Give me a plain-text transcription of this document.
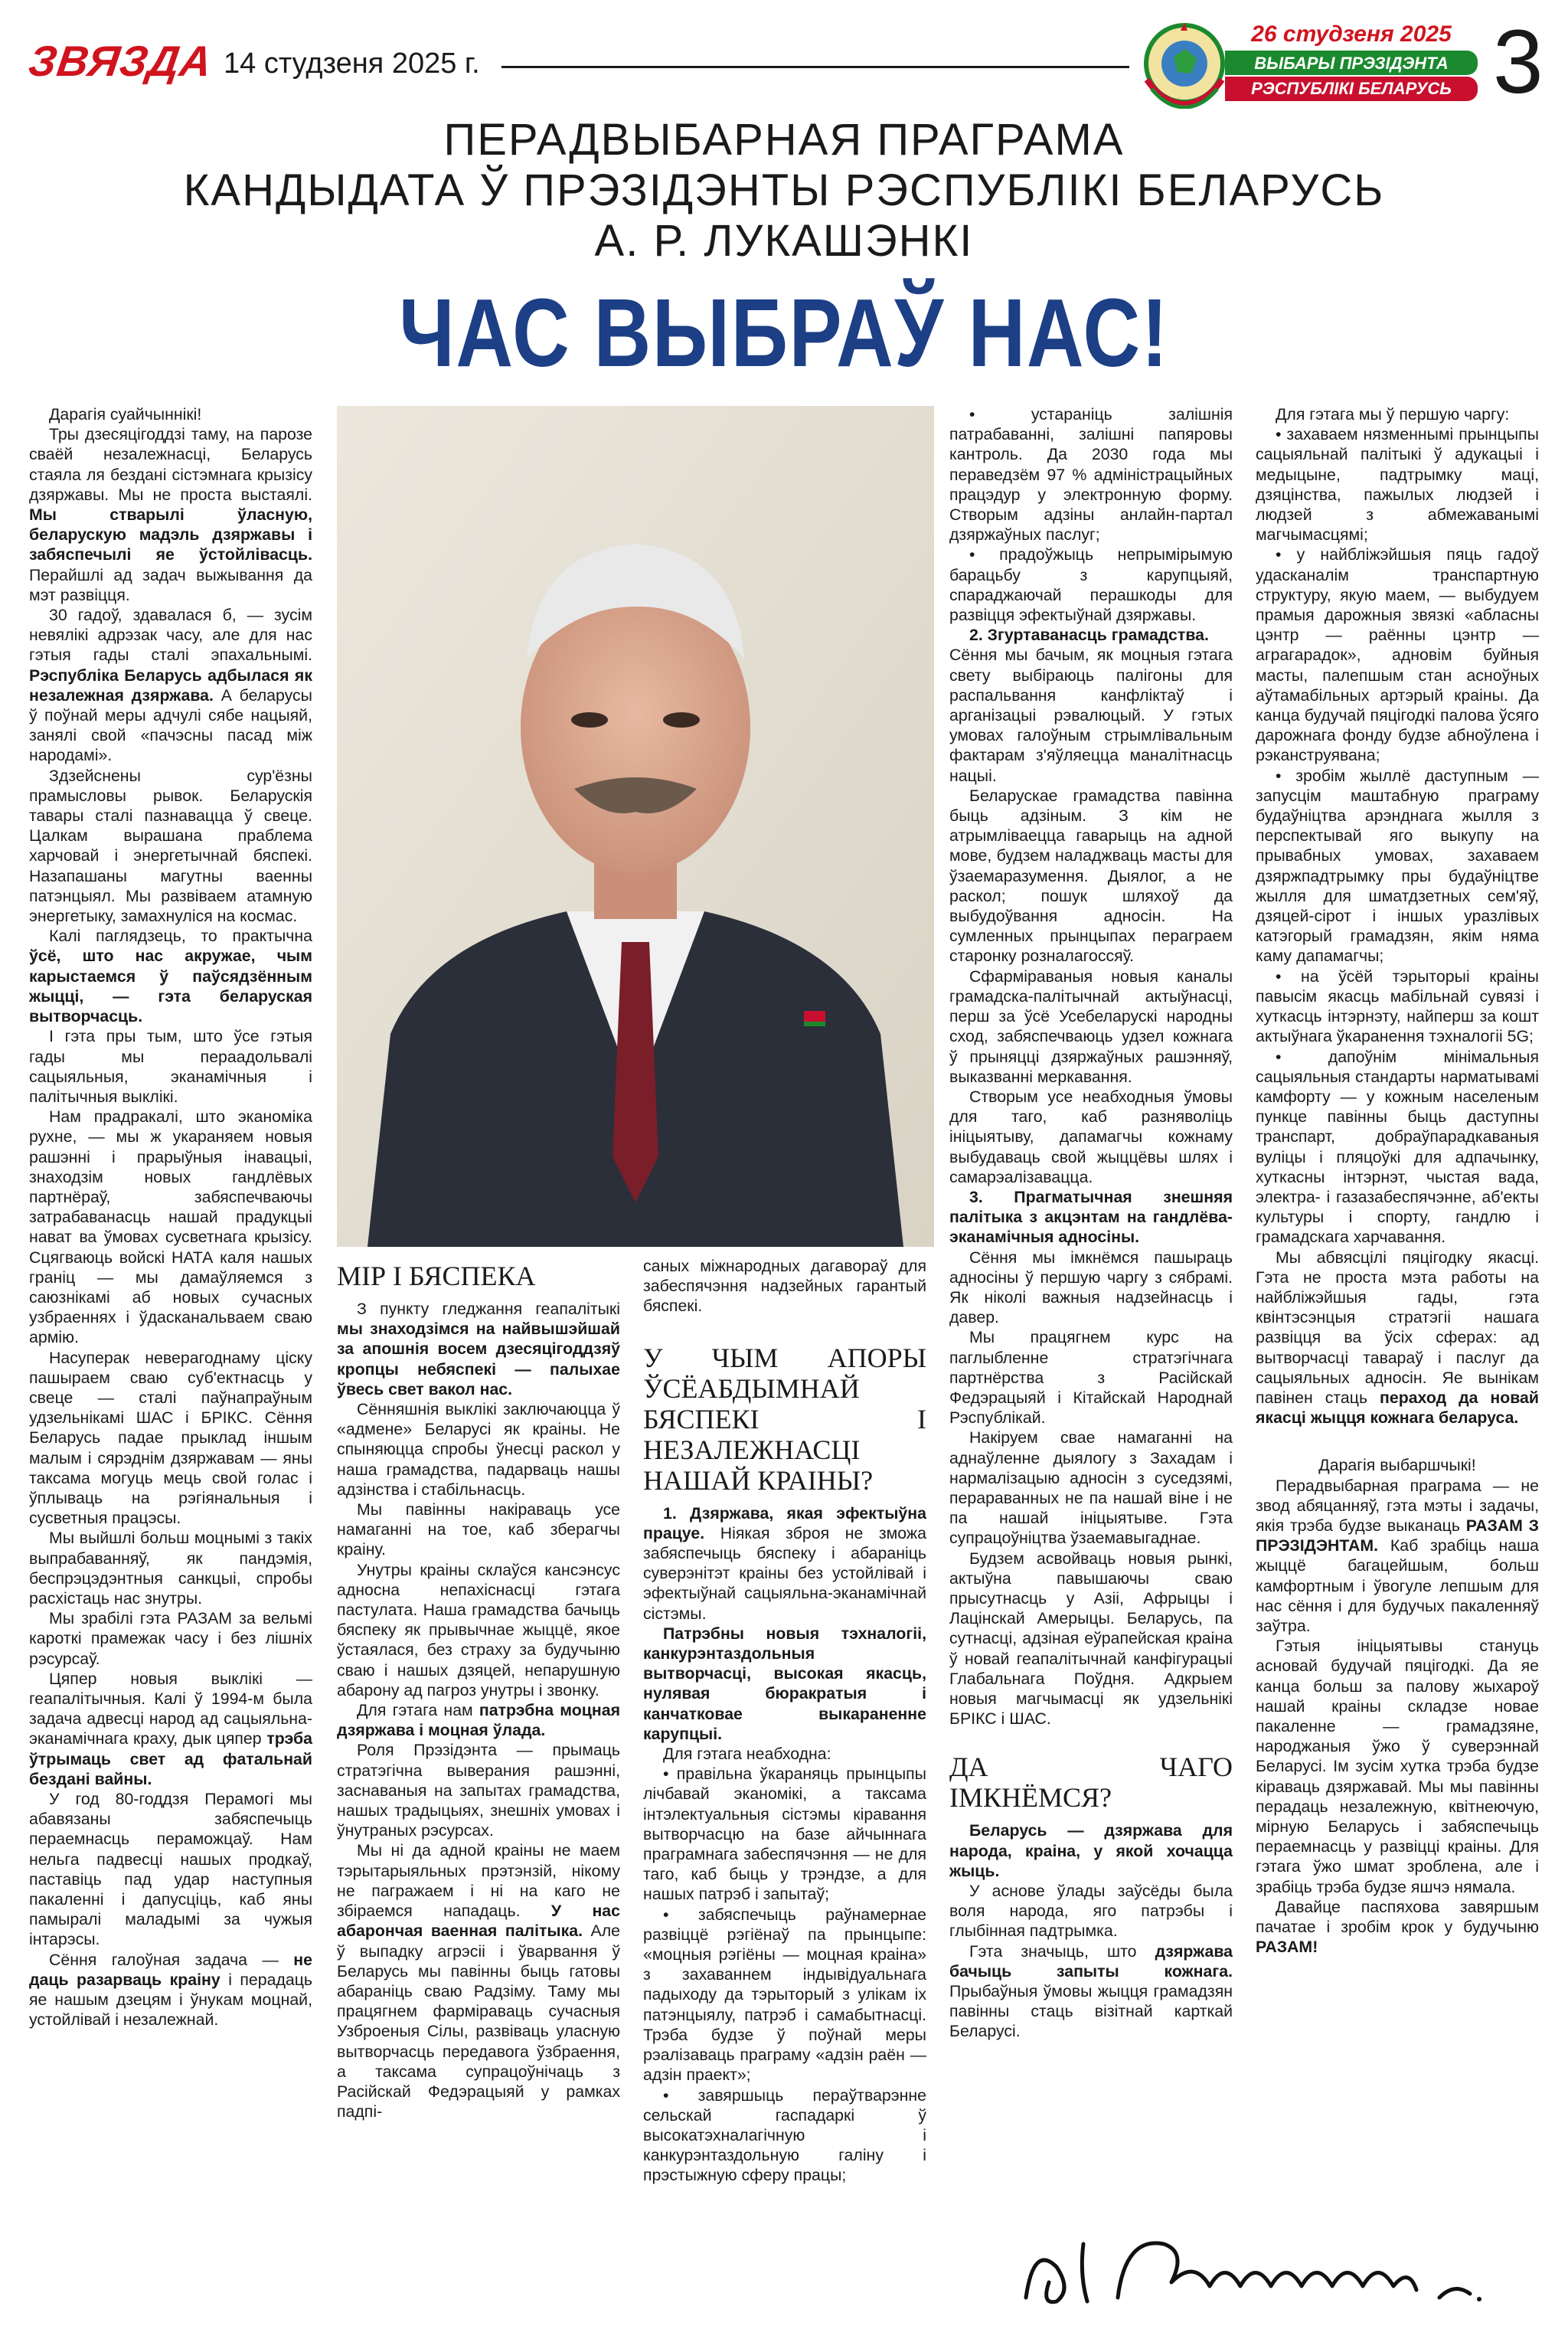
ЗВЯЗДА 14 студзеня 2025 г.
26 студзеня 2025
ВЫБАРЫ ПРЭЗІДЭНТА
РЭСПУБЛІКІ БЕЛАРУСЬ 3
ПЕРАДВЫБАРНАЯ ПРАГРАМА
КАНДЫДАТА Ў ПРЭЗІДЭНТЫ РЭСПУБЛІКІ БЕЛАРУСЬ
А. Р. ЛУКАШЭНКІ
ЧАС ВЫБРАЎ НАС!

Дарагія суайчыннікі!

Тры дзесяцігоддзі таму, на парозе сваёй незалежнасці, Беларусь стаяла ля бездані сістэмнага крызісу дзяржавы. Мы не проста выстаялі. Мы стварылі ўласную, беларускую мадэль дзяржавы і забяспечылі яе ўстойлівасць. Перайшлі ад задач выжывання да мэт развіцця.

30 гадоў, здавалася б, — зусім невялікі адрэзак часу, але для нас гэтыя гады сталі эпахальнымі. Рэспубліка Беларусь адбылася як незалежная дзяржава. А беларусы ў поўнай меры адчулі сябе нацыяй, занялі свой «пачэсны пасад між народамі».

Здзейснены сур'ёзны прамысловы рывок. Беларускія тавары сталі пазнавацца ў свеце. Цалкам вырашана праблема харчовай і энергетычнай бяспекі. Назапашаны магутны ваенны патэнцыял. Мы развіваем атамную энергетыку, замахнуліся на космас.

Калі паглядзець, то практычна ўсё, што нас акружае, чым карыстаемся ў паўсядзённым жыцці, — гэта беларуская вытворчасць.

І гэта пры тым, што ўсе гэтыя гады мы пераадольвалі сацыяльныя, эканамічныя і палітычныя выклікі.

Нам прадракалі, што эканоміка рухне, — мы ж укараняем новыя рашэнні і прарыўныя інавацыі, знаходзім новых гандлёвых партнёраў, забяспечваючы затрабаванасць нашай прадукцыі нават ва ўмовах сусветнага крызісу. Сцягваюць войскі НАТА каля нашых граніц — мы дамаўляемся з саюзнікамі аб новых сучасных узбраеннях і ўдасканальваем сваю армію.

Насуперак неверагоднаму ціску пашыраем сваю суб'ектнасць у свеце — сталі паўнапраўным удзельнікамі ШАС і БРІКС. Сёння Беларусь падае прыклад іншым малым і сярэднім дзяржавам — яны таксама могуць мець свой голас і ўплываць на рэгіянальныя і сусветныя працэсы.

Мы выйшлі больш моцнымі з такіх выпрабаванняў, як пандэмія, беспрэцэдэнтныя санкцыі, спробы расхістаць нас знутры.

Мы зрабілі гэта РАЗАМ за вельмі кароткі прамежак часу і без лішніх рэсурсаў.

Цяпер новыя выклікі — геапалітычныя. Калі ў 1994-м была задача адвесці народ ад сацыяльна-эканамічнага краху, дык цяпер трэба ўтрымаць свет ад фатальнай бездані вайны.

У год 80-годдзя Перамогі мы абавязаны забяспечыць пераемнасць пераможцаў. Нам нельга падвесці нашых продкаў, паставіць пад удар наступныя пакаленні і дапусціць, каб яны памыралі маладымі за чужыя інтарэсы.

Сёння галоўная задача — не даць разарваць краіну і перадаць яе нашым дзецям і ўнукам моцнай, устойлівай і незалежнай.

МІР І БЯСПЕКА

З пункту гледжання геапалітыкі мы знаходзімся на найвышэйшай за апошнія восем дзесяцігоддзяў кропцы небяспекі — палыхае ўвесь свет вакол нас.

Сённяшнія выклікі заключаюцца ў «адмене» Беларусі як краіны. Не спыняюцца спробы ўнесці раскол у наша грамадства, падарваць нашы адзінства і стабільнасць.

Мы павінны накіраваць усе намаганні на тое, каб зберагчы краіну.

Унутры краіны склаўся кансэнсус адносна непахіснасці гэтага пастулата. Наша грамадства бачыць бяспеку як прывычнае жыццё, якое ўстаялася, без страху за будучыню сваю і нашых дзяцей, непарушную абарону ад пагроз унутры і звонку.

Для гэтага нам патрэбна моцная дзяржава і моцная ўлада.

Роля Прэзідэнта — прымаць стратэгічна выверания рашэнні, заснаваныя на запытах грамадства, нашых традыцыях, знешніх умовах і ўнутраных рэсурсах.

Мы ні да адной краіны не маем тэрытарыяльных прэтэнзій, нікому не пагражаем і ні на каго не збіраемся нападаць. У нас абарончая ваенная палітыка. Але ў выпадку агрэсіі і ўварвання ў Беларусь мы павінны быць гатовы абараніць сваю Радзіму. Таму мы працягнем фарміраваць сучасныя Узброеныя Сілы, развіваць уласную вытворчасць передавога ўзбраення, а таксама супрацоўнічаць з Расійскай Федэрацыяй у рамках падпі-

саных міжнародных дагавораў для забеспячэння надзейных гарантый бяспекі.

У ЧЫМ АПОРЫ ЎСЁАБДЫМНАЙ БЯСПЕКІ І НЕЗАЛЕЖНАСЦІ НАШАЙ КРАІНЫ?

1. Дзяржава, якая эфектыўна працуе. Ніякая зброя не зможа забяспечыць бяспеку і абараніць суверэнітэт краіны без устойлівай і эфектыўнай сацыяльна-эканамічнай сістэмы.

Патрэбны новыя тэхналогіі, канкурэнтаздольныя вытворчасці, высокая якасць, нулявая бюракратыя і канчатковае выкараненне карупцыі.

Для гэтага неабходна:

• правільна ўкараняць прынцыпы лічбавай эканомікі, а таксама інтэлектуальныя сістэмы кіравання вытворчасцю на базе айчыннага праграмнага забеспячэння — не для таго, каб быць у трэндзе, а для нашых патрэб і запытаў;

• забяспечыць раўнамернае развіццё рэгіёнаў па прынцыпе: «моцныя рэгіёны — моцная краіна» з захаваннем індывідуальнага падыходу да тэрыторый з улікам іх патэнцыялу, патрэб і самабытнасці. Трэба будзе ў поўнай меры рэалізаваць праграму «адзін раён — адзін праект»;

• завяршыць пераўтварэнне сельскай гаспадаркі ў высокатэхналагічную і канкурэнтаздольную галіну і прэстыжную сферу працы;

• устараніць залішнія патрабаванні, залішні папяровы кантроль. Да 2030 года мы пераведзём 97 % адміністрацыйных працэдур у электронную форму. Створым адзіны анлайн-партал дзяржаўных паслуг;

• прадоўжыць непрымірымую барацьбу з карупцыяй, спараджаючай перашкоды для развіцця эфектыўнай дзяржавы.

2. Згуртаванасць грамадства.

Сёння мы бачым, як моцныя гэтага свету выбіраюць палігоны для распальвання канфліктаў і арганізацыі рэвалюцый. У гэтых умовах галоўным стрымлівальным фактарам з'яўляецца маналітнасць нацыі.

Беларускае грамадства павінна быць адзіным. З кім не атрымліваецца гаварыць на адной мове, будзем наладжваць масты для ўзаемаразумення. Дыялог, а не раскол; пошук шляхоў да выбудоўвання адносін. На сумленных прынцыпах пераграем старонку розналагоссяў.

Сфарміраваныя новыя каналы грамадска-палітычнай актыўнасці, перш за ўсё Усебеларускі народны сход, забяспечваюць удзел кожнага ў прыняцці дзяржаўных рашэнняў, выказванні меркавання.

Створым усе неабходныя ўмовы для таго, каб разняволіць ініцыятыву, дапамагчы кожнаму выбудаваць свой жыццёвы шлях і самарэалізавацца.

3. Прагматычная знешняя палітыка з акцэнтам на гандлёва-эканамічныя адносіны.

Сёння мы імкнёмся пашыраць адносіны ў першую чаргу з сябрамі. Як ніколі важныя надзейнасць і давер.

Мы працягнем курс на паглыбленне стратэгічнага партнёрства з Расійскай Федэрацыяй і Кітайскай Народнай Рэспублікай.

Накіруем свае намаганні на аднаўленне дыялогу з Захадам і нармалізацыю адносін з суседзямі, перараванных не па нашай віне і не па нашай ініцыятыве. Гэта супрацоўніцтва ўзаемавыгаднае.

Будзем асвойваць новыя рынкі, актыўна павышаючы сваю прысутнасць у Азіі, Афрыцы і Лацінскай Амерыцы. Беларусь, па сутнасці, адзіная еўрапейская краіна ў новай геапалітычнай канфігурацыі Глабальнага Поўдня. Адкрыем новыя магчымасці як удзельнікі БРІКС і ШАС.

ДА ЧАГО ІМКНЁМСЯ?

Беларусь — дзяржава для народа, краіна, у якой хочацца жыць.

У аснове ўлады заўсёды была воля народа, яго патрэбы і глыбінная падтрымка.

Гэта значыць, што дзяржава бачыць запыты кожнага. Прыбаўныя ўмовы жыцця грамадзян павінны стаць візітнай карткай Беларусі.

Для гэтага мы ў першую чаргу:

• захаваем нязменнымі прынцыпы сацыяльнай палітыкі ў адукацыі і медыцыне, падтрымку маці, дзяцінства, пажылых людзей і людзей з абмежаванымі магчымасцямі;

• у найбліжэйшыя пяць гадоў удасканалім транспартную структуру, якую маем, — выбудуем прамыя дарожныя звязкі «абласны цэнтр — раённы цэнтр — аграгарадок», адновім буйныя масты, палепшым стан асноўных аўтамабільных артэрый краіны. Да канца будучай пяцігодкі палова ўсяго дарожнага фонду будзе абноўлена і рэканструявана;

• зробім жыллё даступным — запусцім маштабную праграму будаўніцтва арэнднага жылля з перспектывай яго выкупу на прывабных умовах, захаваем дзяржпадтрымку пры будаўніцтве жылля для шматдзетных сем'яў, дзяцей-сірот і іншых уразлівых катэгорый грамадзян, якім няма каму дапамагчы;

• на ўсёй тэрыторыі краіны павысім якасць мабільнай сувязі і хуткасць інтэрнэту, найперш за кошт актыўнага ўкаранення тэхналогіі 5G;

• дапоўнім мінімальныя сацыяльныя стандарты нарматывамі камфорту — у кожным населеным пункце павінны быць даступны транспарт, добраўпарадкаваныя вуліцы і пляцоўкі для адпачынку, хуткасны інтэрнэт, чыстая вада, электра- і газазабеспячэнне, аб'екты культуры і спорту, гандлю і грамадскага харчавання.

Мы абвясцілі пяцігодку якасці. Гэта не проста мэта работы на найбліжэйшыя гады, гэта квінтэсэнцыя стратэгіі нашага развіцця ва ўсіх сферах: ад вытворчасці тавараў і паслуг да сацыяльных адносін. Яе вынікам павінен стаць пераход да новай якасці жыцця кожнага беларуса.

Дарагія выбаршчыкі!

Перадвыбарная праграма — не звод абяцанняў, гэта мэты і задачы, якія трэба будзе выканаць РАЗАМ З ПРЭЗІДЭНТАМ. Каб зрабіць наша жыццё багацейшым, больш камфортным і ўвогуле лепшым для нас сёння і для будучых пакаленняў заўтра.

Гэтыя ініцыятывы стануць асновай будучай пяцігодкі. Да яе канца больш за палову жыхароў нашай краіны складзе новае пакаленне — грамадзяне, народжаныя ўжо ў суверэннай Беларусі. Ім зусім хутка трэба будзе кіраваць дзяржавай. Мы мы павінны перадаць незалежную, квітнеючую, мірную Беларусь і забяспечыць пераемнасць у развіцці краіны. Для гэтага ўжо шмат зроблена, але і зрабіць трэба будзе яшчэ нямала.

Давайце паспяхова завяршым пачатае і зробім крок у будучыню РАЗАМ!
